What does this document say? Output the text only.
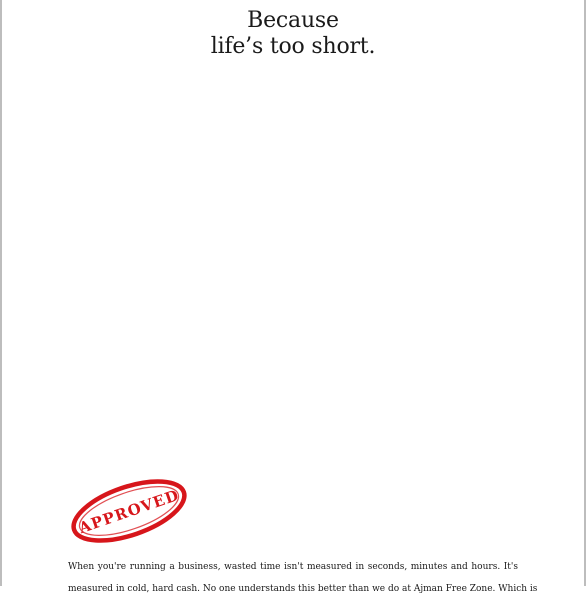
Because
life’s too short.
APPROVED
When you're running a business, wasted time isn't measured in seconds, minutes and hours. It's
measured in cold, hard cash. No one understands this better than we do at Ajman Free Zone. Which is
